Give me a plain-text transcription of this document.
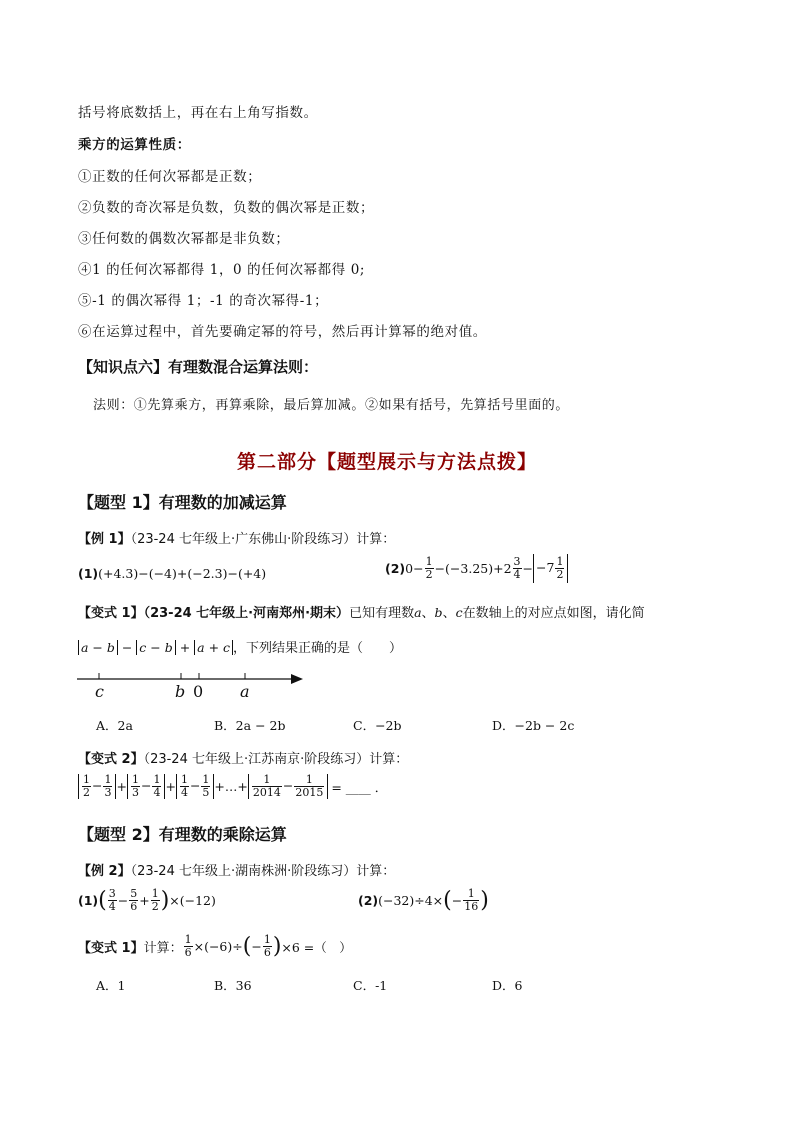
括号将底数括上，再在右上角写指数。
乘方的运算性质：
①正数的任何次幂都是正数；
②负数的奇次幂是负数，负数的偶次幂是正数；
③任何数的偶数次幂都是非负数；
④1 的任何次幂都得 1，0 的任何次幂都得 0;
⑤-1 的偶次幂得 1；-1 的奇次幂得-1；
⑥在运算过程中，首先要确定幂的符号，然后再计算幂的绝对值。
【知识点六】有理数混合运算法则：
法则：①先算乘方，再算乘除，最后算加减。②如果有括号，先算括号里面的。
第二部分【题型展示与方法点拨】
【题型 1】有理数的加减运算
【例 1】（23-24 七年级上·广东佛山·阶段练习）计算：
(1)(+4.3)−(−4)+(−2.3)−(+4)	(2) $0- \frac{1}{2} -(-3.25)+2 \frac{3}{4} - -7 \frac{1}{2}$
【变式 1】（23-24 七年级上·河南郑州·期末）已知有理数a、b、c在数轴上的对应点如图，请化简
a − b − c − b + a + c ，下列结果正确的是（　　）
c	b 0 a
A．2a	B．2a − 2b	C．−2b	D．−2b − 2c
【变式 2】（23-24 七年级上·江苏南京·阶段练习）计算：
$\frac{1}{2} - \frac{1}{3} + \frac{1}{3} - \frac{1}{4} + \frac{1}{4} - \frac{1}{5}$ +…+ $\frac{1}{2014} - \frac{1}{2015}$ = ____ ．
【题型 2】有理数的乘除运算
【例 2】（23-24 七年级上·湖南株洲·阶段练习）计算：
(1) ( $\frac{3}{4} - \frac{5}{6} + \frac{1}{2}$ ) ×(−12)	(2) (−32)÷4× ( − $\frac{1}{16}$ )
【变式 1】 计算： $\frac{1}{6} \times(-6)\div$ ( − $\frac{1}{6}$ ) ×6 =（　）
A．1	B．36	C．-1	D．6
